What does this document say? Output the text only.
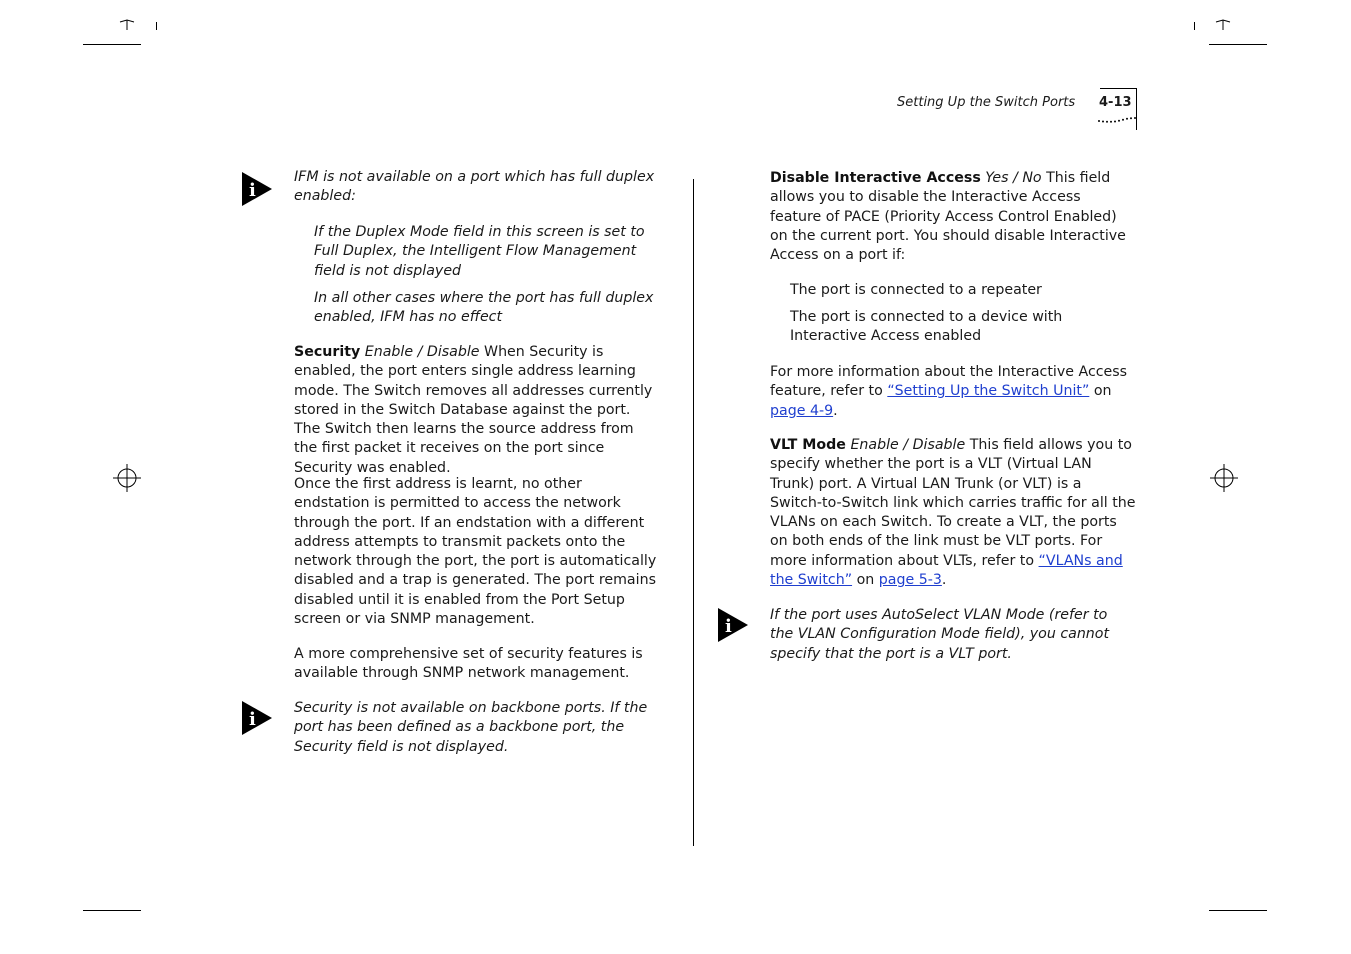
Setting Up the Switch Ports 4-13
i

IFM is not available on a port which has full duplex enabled:

If the Duplex Mode field in this screen is set to Full Duplex, the Intelligent Flow Management field is not displayed

In all other cases where the port has full duplex enabled, IFM has no effect

Security Enable / Disable When Security is enabled, the port enters single address learning mode. The Switch removes all addresses currently stored in the Switch Database against the port. The Switch then learns the source address from the first packet it receives on the port since Security was enabled.

Once the first address is learnt, no other endstation is permitted to access the network through the port. If an endstation with a different address attempts to transmit packets onto the network through the port, the port is automatically disabled and a trap is generated. The port remains disabled until it is enabled from the Port Setup screen or via SNMP management.

A more comprehensive set of security features is available through SNMP network management.

i

Security is not available on backbone ports. If the port has been defined as a backbone port, the Security field is not displayed.

Disable Interactive Access Yes / No This field allows you to disable the Interactive Access feature of PACE (Priority Access Control Enabled) on the current port. You should disable Interactive Access on a port if:

The port is connected to a repeater

The port is connected to a device with Interactive Access enabled

For more information about the Interactive Access feature, refer to “Setting Up the Switch Unit” on page 4-9.

VLT Mode Enable / Disable This field allows you to specify whether the port is a VLT (Virtual LAN Trunk) port. A Virtual LAN Trunk (or VLT) is a Switch-to-Switch link which carries traffic for all the VLANs on each Switch. To create a VLT, the ports on both ends of the link must be VLT ports. For more information about VLTs, refer to “VLANs and the Switch” on page 5-3.

i

If the port uses AutoSelect VLAN Mode (refer to the VLAN Configuration Mode field), you cannot specify that the port is a VLT port.
